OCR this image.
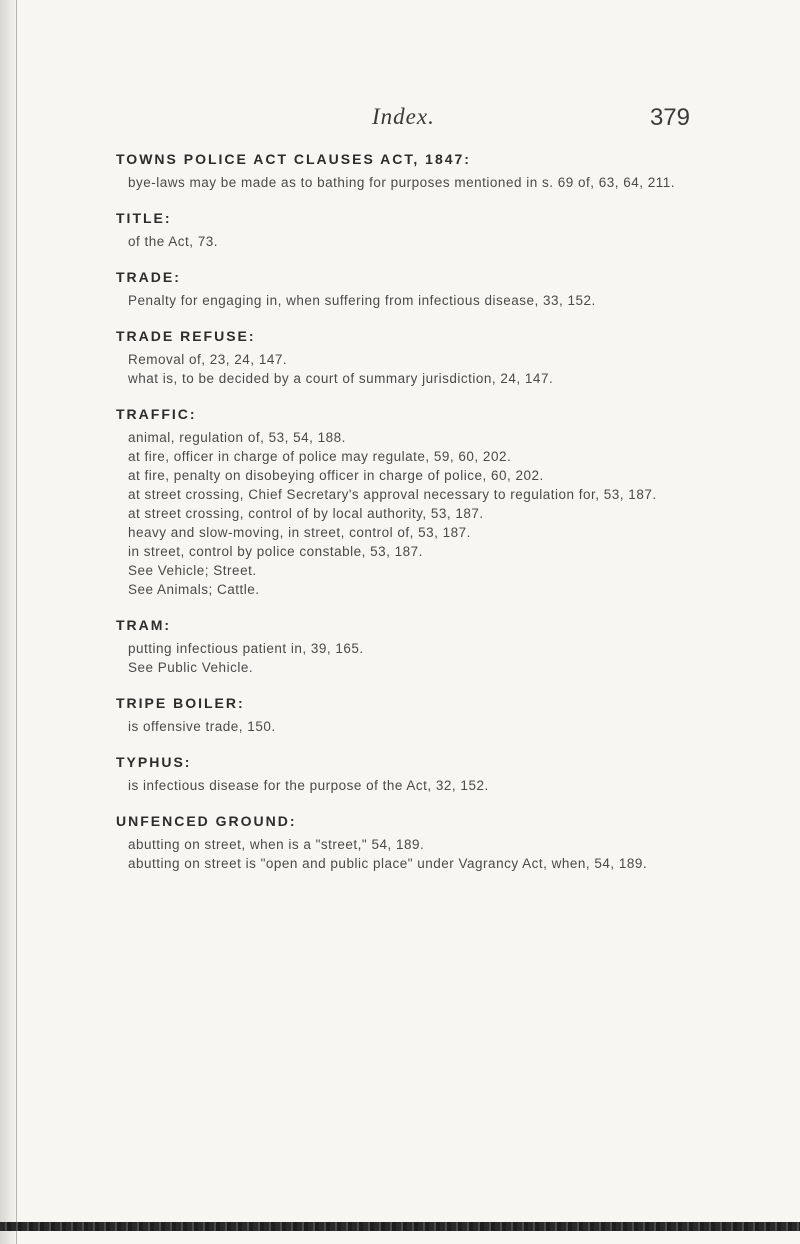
Index.	379
TOWNS POLICE ACT CLAUSES ACT, 1847:
bye-laws may be made as to bathing for purposes mentioned in s. 69 of, 63, 64, 211.
TITLE:
of the Act, 73.
TRADE:
Penalty for engaging in, when suffering from infectious disease, 33, 152.
TRADE REFUSE:
Removal of, 23, 24, 147.
what is, to be decided by a court of summary jurisdiction, 24, 147.
TRAFFIC:
animal, regulation of, 53, 54, 188.
at fire, officer in charge of police may regulate, 59, 60, 202.
at fire, penalty on disobeying officer in charge of police, 60, 202.
at street crossing, Chief Secretary's approval necessary to regulation for, 53, 187.
at street crossing, control of by local authority, 53, 187.
heavy and slow-moving, in street, control of, 53, 187.
in street, control by police constable, 53, 187.
See Vehicle; Street.
See Animals; Cattle.
TRAM:
putting infectious patient in, 39, 165.
See Public Vehicle.
TRIPE BOILER:
is offensive trade, 150.
TYPHUS:
is infectious disease for the purpose of the Act, 32, 152.
UNFENCED GROUND:
abutting on street, when is a "street," 54, 189.
abutting on street is "open and public place" under Vagrancy Act, when, 54, 189.
